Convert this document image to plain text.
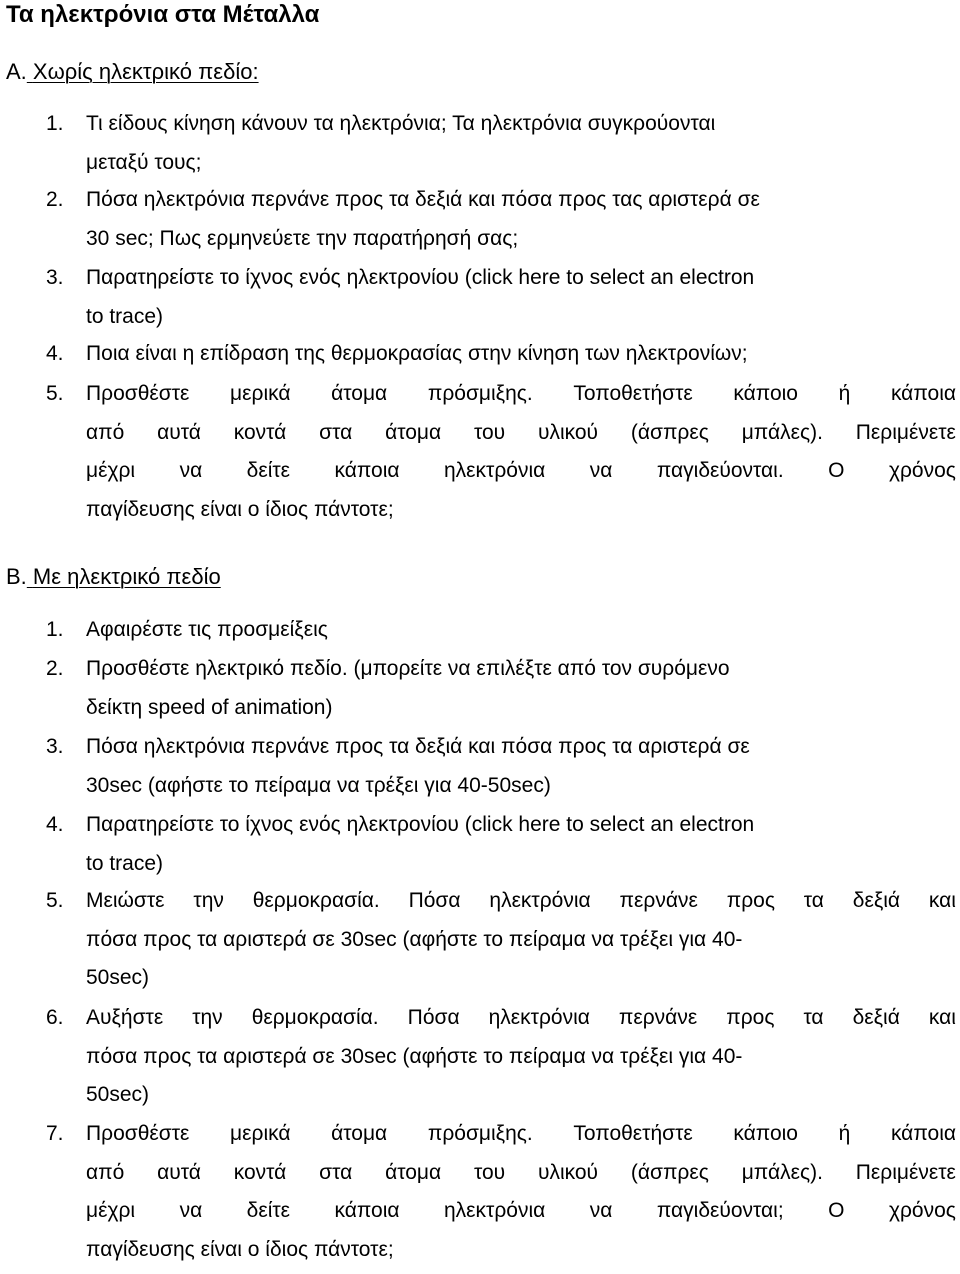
Τα ηλεκτρόνια στα Μέταλλα
Α. Χωρίς ηλεκτρικό πεδίο:
1. Τι είδους κίνηση κάνουν τα ηλεκτρόνια; Τα ηλεκτρόνια συγκρούονται
μεταξύ τους;
2. Πόσα ηλεκτρόνια περνάνε προς τα δεξιά και πόσα προς τας αριστερά σε
30 sec; Πως ερμηνεύετε την παρατήρησή σας;
3. Παρατηρείστε το ίχνος ενός ηλεκτρονίου (click here to select an electron
to trace)
4. Ποια είναι η επίδραση της θερμοκρασίας στην κίνηση των ηλεκτρονίων;
5. Προσθέστε μερικά άτομα πρόσμιξης. Τοποθετήστε κάποιο ή κάποια
από αυτά κοντά στα άτομα του υλικού (άσπρες μπάλες). Περιμένετε
μέχρι να δείτε κάποια ηλεκτρόνια να παγιδεύονται. Ο χρόνος
παγίδευσης είναι ο ίδιος πάντοτε;
Β. Με ηλεκτρικό πεδίο
1. Αφαιρέστε τις προσμείξεις
2. Προσθέστε ηλεκτρικό πεδίο. (μπορείτε να επιλέξτε από τον συρόμενο
δείκτη speed of animation)
3. Πόσα ηλεκτρόνια περνάνε προς τα δεξιά και πόσα προς τα αριστερά σε
30sec (αφήστε το πείραμα να τρέξει για 40-50sec)
4. Παρατηρείστε το ίχνος ενός ηλεκτρονίου (click here to select an electron
to trace)
5. Μειώστε την θερμοκρασία. Πόσα ηλεκτρόνια περνάνε προς τα δεξιά και
πόσα προς τα αριστερά σε 30sec (αφήστε το πείραμα να τρέξει για 40-
50sec)
6. Αυξήστε την θερμοκρασία. Πόσα ηλεκτρόνια περνάνε προς τα δεξιά και
πόσα προς τα αριστερά σε 30sec (αφήστε το πείραμα να τρέξει για 40-
50sec)
7. Προσθέστε μερικά άτομα πρόσμιξης. Τοποθετήστε κάποιο ή κάποια
από αυτά κοντά στα άτομα του υλικού (άσπρες μπάλες). Περιμένετε
μέχρι να δείτε κάποια ηλεκτρόνια να παγιδεύονται; Ο χρόνος
παγίδευσης είναι ο ίδιος πάντοτε;
